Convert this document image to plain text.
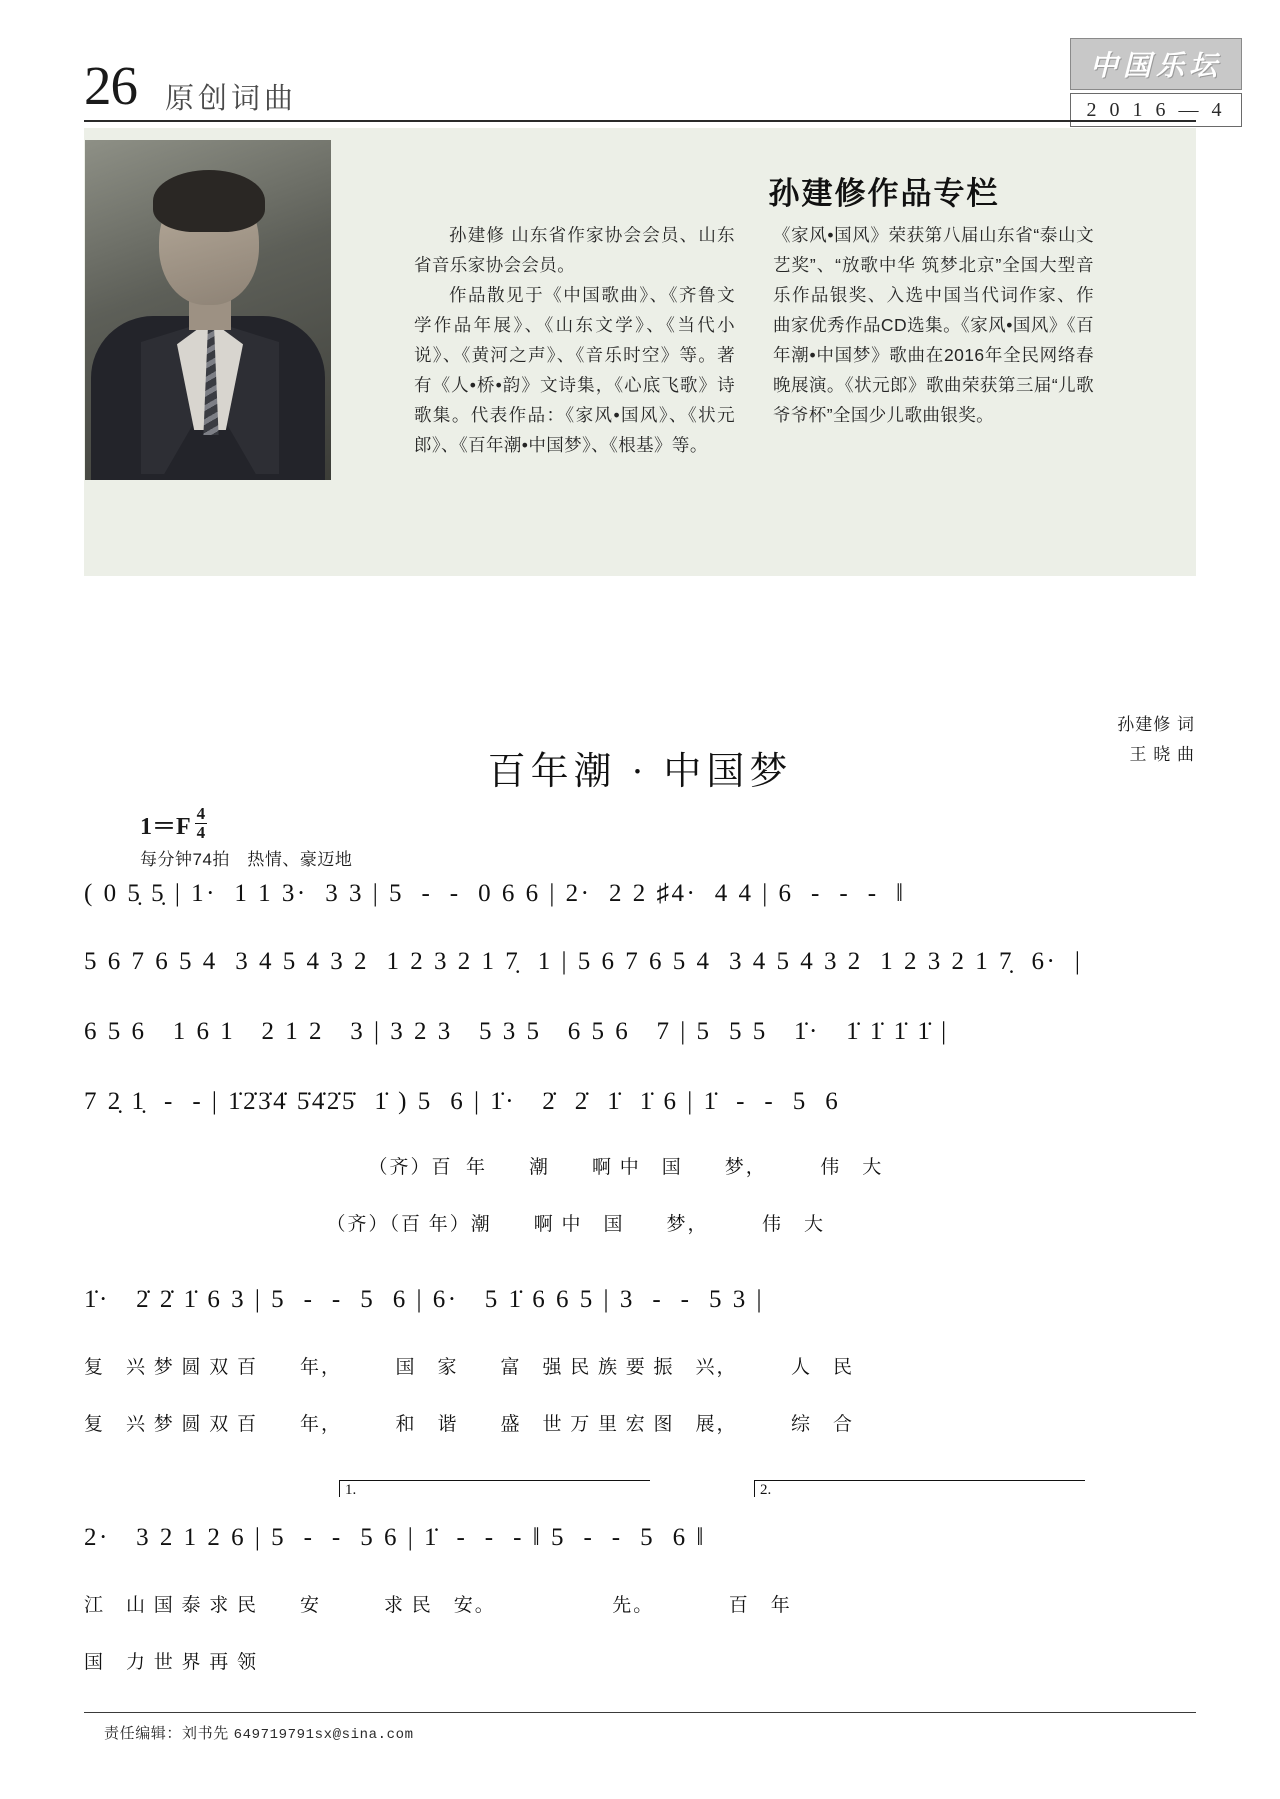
26 原创词曲
中国乐坛
2 0 1 6 — 4
孙建修作品专栏

孙建修 山东省作家协会会员、山东省音乐家协会会员。

作品散见于《中国歌曲》、《齐鲁文学作品年展》、《山东文学》、《当代小说》、《黄河之声》、《音乐时空》等。著有《人•桥•韵》文诗集，《心底飞歌》诗歌集。代表作品：《家风•国风》、《状元郎》、《百年潮•中国梦》、《根基》等。

《家风•国风》荣获第八届山东省“泰山文艺奖”、“放歌中华 筑梦北京”全国大型音乐作品银奖、入选中国当代词作家、作曲家优秀作品CD选集。《家风•国风》《百年潮•中国梦》歌曲在2016年全民网络春晚展演。《状元郎》歌曲荣获第三届“儿歌爷爷杯”全国少儿歌曲银奖。

百年潮 · 中国梦
孙建修 词
王 晓 曲
$1=F \frac{4}{4}$
每分钟74拍　热情、豪迈地
( 0 5̣ 5̣ | 1·  1 1 3·  3 3 | 5  -  -  0 6 6 | 2·  2 2 ♯4·  4 4 | 6  -  -  -  ‖
5 6 7 6 5 4  3 4 5 4 3 2  1 2 3 2 1 7̣  1 | 5 6 7 6 5 4  3 4 5 4 3 2  1 2 3 2 1 7̣  6·  |
6 5 6   1 6 1   2 1 2   3 | 3 2 3   5 3 5   6 5 6   7 | 5  5 5   1̇·   1̇ 1̇ 1̇ 1̇ |
7 2̣ 1̣  -  - | 1̇2̇3̇4̇ 5̇4̇2̇5̇  1̇ ) 5  6 | 1̇·   2̇  2̇  1̇  1̇ 6 | 1̇  -  -  5  6
　　　　　　　　　　　　　　（齐）百  年　　潮　　啊 中　国　　梦，　　　伟　大
　　　　　　　　　　　　（齐）（百 年）潮　　啊 中　国　　梦，　　　伟　大
1̇·   2̇ 2̇ 1̇ 6 3 | 5  -  -  5  6 | 6·   5 1̇ 6 6 5 | 3  -  -  5 3 |
复　兴 梦 圆 双 百　　年，　　　国　家　　富　强 民 族 要 振　兴，　　　人　民
复　兴 梦 圆 双 百　　年，　　　和　谐　　盛　世 万 里 宏 图　展，　　　综　合
1.	2.
2·   3 2 1 2 6 | 5  -  -  5 6 | 1̇  -  -  - ‖ 5  -  -  5  6 ‖
江　山 国 泰 求 民　　安　　　求 民　安。　　　　　　先。　　　　百　年
国　力 世 界 再 领
责任编辑：刘书先 649719791sx@sina.com
